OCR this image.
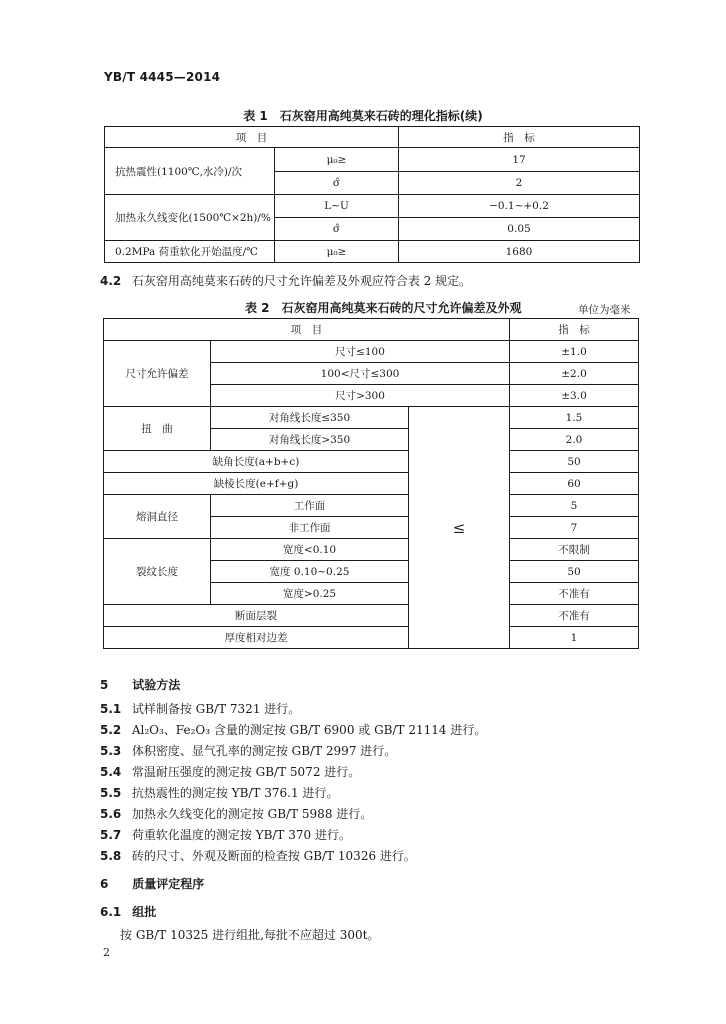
YB/T 4445—2014
表 1　石灰窑用高纯莫来石砖的理化指标(续)
项　目		指　标
抗热震性(1100℃,水冷)/次	μ₀≥	17
	σ̂	2
加热永久线变化(1500℃×2h)/%	L~U	−0.1~+0.2
	σ̂	0.05
0.2MPa 荷重软化开始温度/℃	μ₀≥	1680
4.2 石灰窑用高纯莫来石砖的尺寸允许偏差及外观应符合表 2 规定。
表 2　石灰窑用高纯莫来石砖的尺寸允许偏差及外观	单位为毫米
项　目			指　标
尺寸允许偏差	尺寸≤100		±1.0
	100<尺寸≤300		±2.0
	尺寸>300		±3.0
扭　曲	对角线长度≤350	≤	1.5
	对角线长度>350		2.0
缺角长度(a+b+c)			50
缺棱长度(e+f+g)			60
熔洞直径	工作面		5
	非工作面		7
裂纹长度	宽度<0.10		不限制
	宽度 0.10~0.25		50
	宽度>0.25		不准有
断面层裂			不准有
厚度相对边差			1
5 试验方法
5.1 试样制备按 GB/T 7321 进行。
5.2 Al₂O₃、Fe₂O₃ 含量的测定按 GB/T 6900 或 GB/T 21114 进行。
5.3 体积密度、显气孔率的测定按 GB/T 2997 进行。
5.4 常温耐压强度的测定按 GB/T 5072 进行。
5.5 抗热震性的测定按 YB/T 376.1 进行。
5.6 加热永久线变化的测定按 GB/T 5988 进行。
5.7 荷重软化温度的测定按 YB/T 370 进行。
5.8 砖的尺寸、外观及断面的检查按 GB/T 10326 进行。
6 质量评定程序
6.1 组批
按 GB/T 10325 进行组批,每批不应超过 300t。
2
